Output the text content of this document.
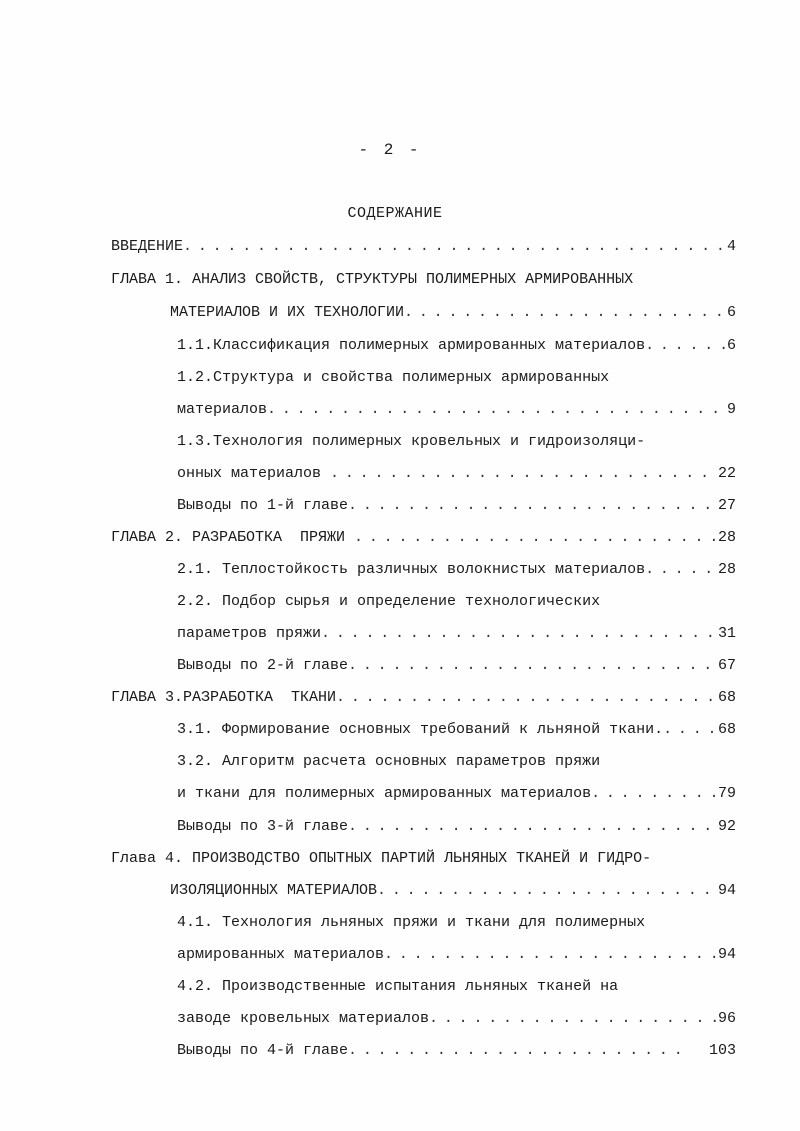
- 2 -
СОДЕРЖАНИЕ
ВВЕДЕНИЕ . . .	4
ГЛАВА 1. АНАЛИЗ СВОЙСТВ, СТРУКТУРЫ ПОЛИМЕРНЫХ АРМИРОВАННЫХ
МАТЕРИАЛОВ И ИХ ТЕХНОЛОГИИ . . .	6
1.1.Классификация полимерных армированных материалов . . .	6
1.2.Структура и свойства полимерных армированных
материалов . . .	9
1.3.Технология полимерных кровельных и гидроизоляци-
онных материалов . . .	22
Выводы по 1-й главе . . .	27
ГЛАВА 2. РАЗРАБОТКА  ПРЯЖИ . . .	28
2.1. Теплостойкость различных волокнистых материалов . . .	28
2.2. Подбор сырья и определение технологических
параметров пряжи . . .	31
Выводы по 2-й главе . . .	67
ГЛАВА 3.РАЗРАБОТКА  ТКАНИ . . .	68
3.1. Формирование основных требований к льняной ткани. . . .	68
3.2. Алгоритм расчета основных параметров пряжи
и ткани для полимерных армированных материалов . . .	79
Выводы по 3-й главе . . .	92
Глава 4. ПРОИЗВОДСТВО ОПЫТНЫХ ПАРТИЙ ЛЬНЯНЫХ ТКАНЕЙ И ГИДРО-
ИЗОЛЯЦИОННЫХ МАТЕРИАЛОВ . . .	94
4.1. Технология льняных пряжи и ткани для полимерных
армированных материалов . . .	94
4.2. Производственные испытания льняных тканей на
заводе кровельных материалов . . .	96
Выводы по 4-й главе . . .	103
